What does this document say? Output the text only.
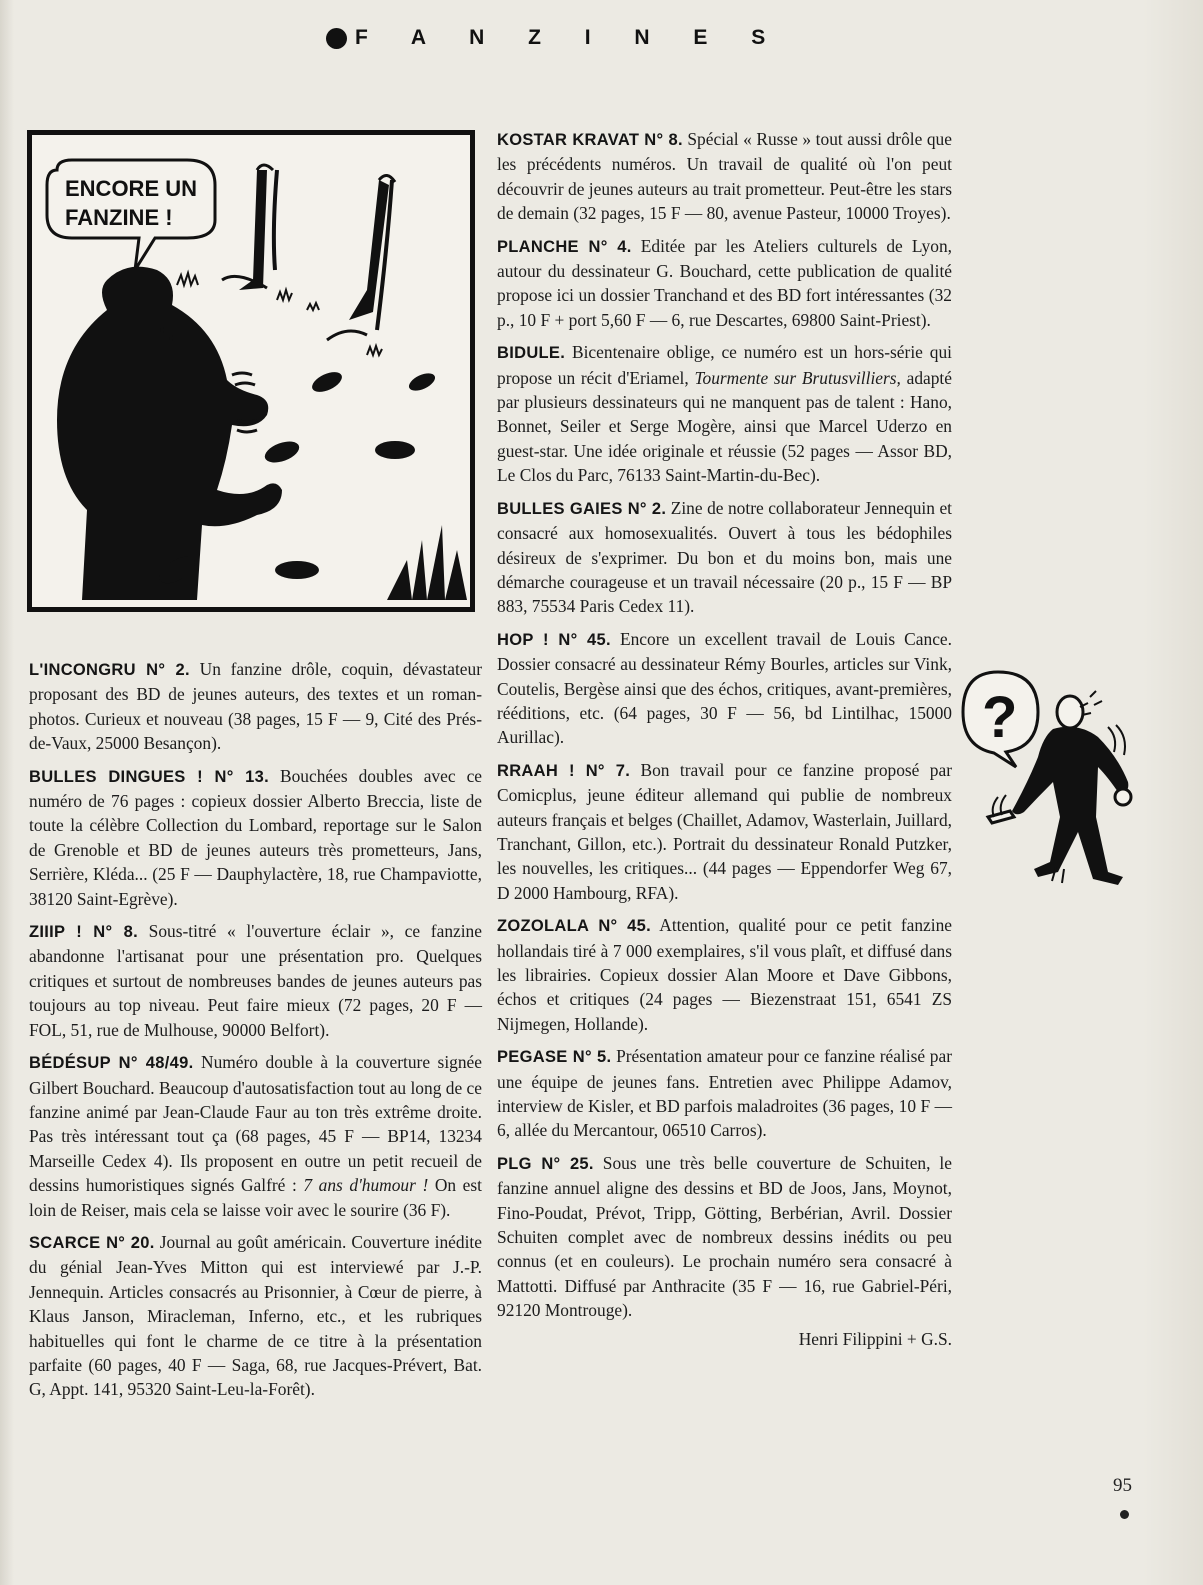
F A N Z I N E S
ENCORE UN
FANZINE !

L'INCONGRU N° 2. Un fanzine drôle, coquin, dévastateur proposant des BD de jeunes auteurs, des textes et un roman-photos. Curieux et nouveau (38 pages, 15 F — 9, Cité des Prés-de-Vaux, 25000 Besançon).

BULLES DINGUES ! N° 13. Bouchées doubles avec ce numéro de 76 pages : copieux dossier Alberto Breccia, liste de toute la célèbre Collection du Lombard, reportage sur le Salon de Grenoble et BD de jeunes auteurs très prometteurs, Jans, Serrière, Kléda... (25 F — Dauphylactère, 18, rue Champaviotte, 38120 Saint-Egrève).

ZIIIP ! N° 8. Sous-titré « l'ouverture éclair », ce fanzine abandonne l'artisanat pour une présentation pro. Quelques critiques et surtout de nombreuses bandes de jeunes auteurs pas toujours au top niveau. Peut faire mieux (72 pages, 20 F — FOL, 51, rue de Mulhouse, 90000 Belfort).

BÉDÉSUP N° 48/49. Numéro double à la couverture signée Gilbert Bouchard. Beaucoup d'autosatisfaction tout au long de ce fanzine animé par Jean-Claude Faur au ton très extrême droite. Pas très intéressant tout ça (68 pages, 45 F — BP14, 13234 Marseille Cedex 4). Ils proposent en outre un petit recueil de dessins humoristiques signés Galfré : 7 ans d'humour ! On est loin de Reiser, mais cela se laisse voir avec le sourire (36 F).

SCARCE N° 20. Journal au goût américain. Couverture inédite du génial Jean-Yves Mitton qui est interviewé par J.-P. Jennequin. Articles consacrés au Prisonnier, à Cœur de pierre, à Klaus Janson, Miracleman, Inferno, etc., et les rubriques habituelles qui font le charme de ce titre à la présentation parfaite (60 pages, 40 F — Saga, 68, rue Jacques-Prévert, Bat. G, Appt. 141, 95320 Saint-Leu-la-Forêt).

KOSTAR KRAVAT N° 8. Spécial « Russe » tout aussi drôle que les précédents numéros. Un travail de qualité où l'on peut découvrir de jeunes auteurs au trait prometteur. Peut-être les stars de demain (32 pages, 15 F — 80, avenue Pasteur, 10000 Troyes).

PLANCHE N° 4. Editée par les Ateliers culturels de Lyon, autour du dessinateur G. Bouchard, cette publication de qualité propose ici un dossier Tranchand et des BD fort intéressantes (32 p., 10 F + port 5,60 F — 6, rue Descartes, 69800 Saint-Priest).

BIDULE. Bicentenaire oblige, ce numéro est un hors-série qui propose un récit d'Eriamel, Tourmente sur Brutusvilliers, adapté par plusieurs dessinateurs qui ne manquent pas de talent : Hano, Bonnet, Seiler et Serge Mogère, ainsi que Marcel Uderzo en guest-star. Une idée originale et réussie (52 pages — Assor BD, Le Clos du Parc, 76133 Saint-Martin-du-Bec).

BULLES GAIES N° 2. Zine de notre collaborateur Jennequin et consacré aux homosexualités. Ouvert à tous les bédophiles désireux de s'exprimer. Du bon et du moins bon, mais une démarche courageuse et un travail nécessaire (20 p., 15 F — BP 883, 75534 Paris Cedex 11).

HOP ! N° 45. Encore un excellent travail de Louis Cance. Dossier consacré au dessinateur Rémy Bourles, articles sur Vink, Coutelis, Bergèse ainsi que des échos, critiques, avant-premières, rééditions, etc. (64 pages, 30 F — 56, bd Lintilhac, 15000 Aurillac).

RRAAH ! N° 7. Bon travail pour ce fanzine proposé par Comicplus, jeune éditeur allemand qui publie de nombreux auteurs français et belges (Chaillet, Adamov, Wasterlain, Juillard, Tranchant, Gillon, etc.). Portrait du dessinateur Ronald Putzker, les nouvelles, les critiques... (44 pages — Eppendorfer Weg 67, D 2000 Hambourg, RFA).

ZOZOLALA N° 45. Attention, qualité pour ce petit fanzine hollandais tiré à 7 000 exemplaires, s'il vous plaît, et diffusé dans les librairies. Copieux dossier Alan Moore et Dave Gibbons, échos et critiques (24 pages — Biezenstraat 151, 6541 ZS Nijmegen, Hollande).

PEGASE N° 5. Présentation amateur pour ce fanzine réalisé par une équipe de jeunes fans. Entretien avec Philippe Adamov, interview de Kisler, et BD parfois maladroites (36 pages, 10 F — 6, allée du Mercantour, 06510 Carros).

PLG N° 25. Sous une très belle couverture de Schuiten, le fanzine annuel aligne des dessins et BD de Joos, Jans, Moynot, Fino-Poudat, Prévot, Tripp, Götting, Berbérian, Avril. Dossier Schuiten complet avec de nombreux dessins inédits ou peu connus (et en couleurs). Le prochain numéro sera consacré à Mattotti. Diffusé par Anthracite (35 F — 16, rue Gabriel-Péri, 92120 Montrouge).

Henri Filippini + G.S.
?
95
